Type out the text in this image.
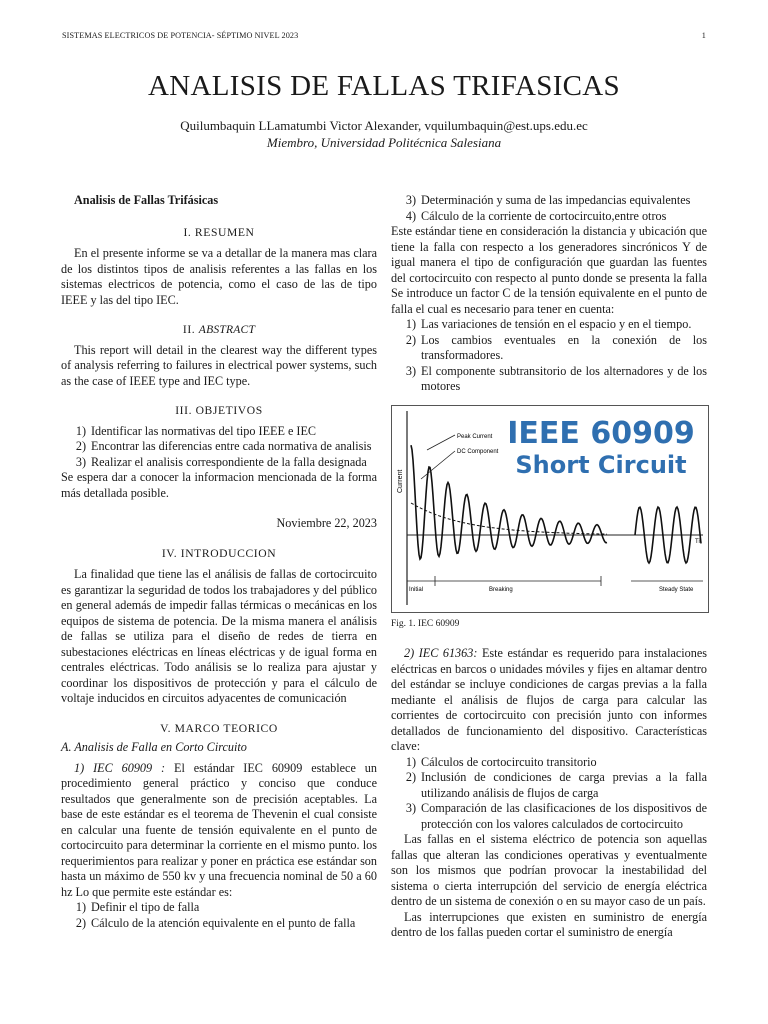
SISTEMAS ELECTRICOS DE POTENCIA- SÉPTIMO NIVEL 2023	1
ANALISIS DE FALLAS TRIFASICAS
Quilumbaquin LLamatumbi Victor Alexander, vquilumbaquin@est.ups.edu.ec
Miembro, Universidad Politécnica Salesiana

Analisis de Fallas Trifásicas

I. RESUMEN

En el presente informe se va a detallar de la manera mas clara de los distintos tipos de analisis referentes a las fallas en los sistemas electricos de potencia, como el caso de las de tipo IEEE y las del tipo IEC.

II. ABSTRACT

This report will detail in the clearest way the different types of analysis referring to failures in electrical power systems, such as the case of IEEE type and IEC type.

III. OBJETIVOS

1) Identificar las normativas del tipo IEEE e IEC
2) Encontrar las diferencias entre cada normativa de analisis
3) Realizar el analisis correspondiente de la falla designada

Se espera dar a conocer la informacion mencionada de la forma más detallada posible.

Noviembre 22, 2023

IV. INTRODUCCION

La finalidad que tiene las el análisis de fallas de cortocircuito es garantizar la seguridad de todos los trabajadores y del público en general además de impedir fallas térmicas o mecánicas en los equipos de sistema de potencia. De la misma manera el análisis de fallas se utiliza para el diseño de redes de tierra en subestaciones eléctricas en líneas eléctricas y de igual forma en centrales eléctricas. Todo análisis se lo realiza para ajustar y coordinar los dispositivos de protección y para el cálculo de voltaje inducidos en circuitos adyacentes de comunicación

V. MARCO TEORICO

A. Analisis de Falla en Corto Circuito

1) IEC 60909 : El estándar IEC 60909 establece un procedimiento general práctico y conciso que conduce resultados que generalmente son de precisión aceptables. La base de este estándar es el teorema de Thevenin el cual consiste en calcular una fuente de tensión equivalente en el punto de cortocircuito para determinar la corriente en el mismo punto. los requerimientos para realizar y poner en práctica ese estándar son hasta un máximo de 550 kv y una frecuencia nominal de 50 a 60 hz Lo que permite este estándar es:

1) Definir el tipo de falla
2) Cálculo de la atención equivalente en el punto de falla
3) Determinación y suma de las impedancias equivalentes
4) Cálculo de la corriente de cortocircuito,entre otros

Este estándar tiene en consideración la distancia y ubicación que tiene la falla con respecto a los generadores sincrónicos Y de igual manera el tipo de configuración que guardan las fuentes del cortocircuito con respecto al punto donde se presenta la falla Se introduce un factor C de la tensión equivalente en el punto de falla el cual es necesario para tener en cuenta:

1) Las variaciones de tensión en el espacio y en el tiempo.
2) Los cambios eventuales en la conexión de los transformadores.
3) El componente subtransitorio de los alternadores y de los motores
Peak Current
DC Component
Current
Ti
Initial	Breaking	Steady State
IEEE 60909
Short Circuit

Fig. 1. IEC 60909

2) IEC 61363: Este estándar es requerido para instalaciones eléctricas en barcos o unidades móviles y fijes en altamar dentro del estándar se incluye condiciones de cargas previas a la falla mediante el análisis de flujos de carga para calcular las corrientes de cortocircuito con precisión junto con informes detallados de funcionamiento del dispositivo. Características clave:

1) Cálculos de cortocircuito transitorio
2) Inclusión de condiciones de carga previas a la falla utilizando análisis de flujos de carga
3) Comparación de las clasificaciones de los dispositivos de protección con los valores calculados de cortocircuito

Las fallas en el sistema eléctrico de potencia son aquellas fallas que alteran las condiciones operativas y eventualmente son los mismos que podrían provocar la inestabilidad del sistema o cierta interrupción del servicio de energía eléctrica dentro de un sistema de conexión o en su mayor caso de un país.

Las interrupciones que existen en suministro de energía dentro de los fallas pueden cortar el suministro de energía
